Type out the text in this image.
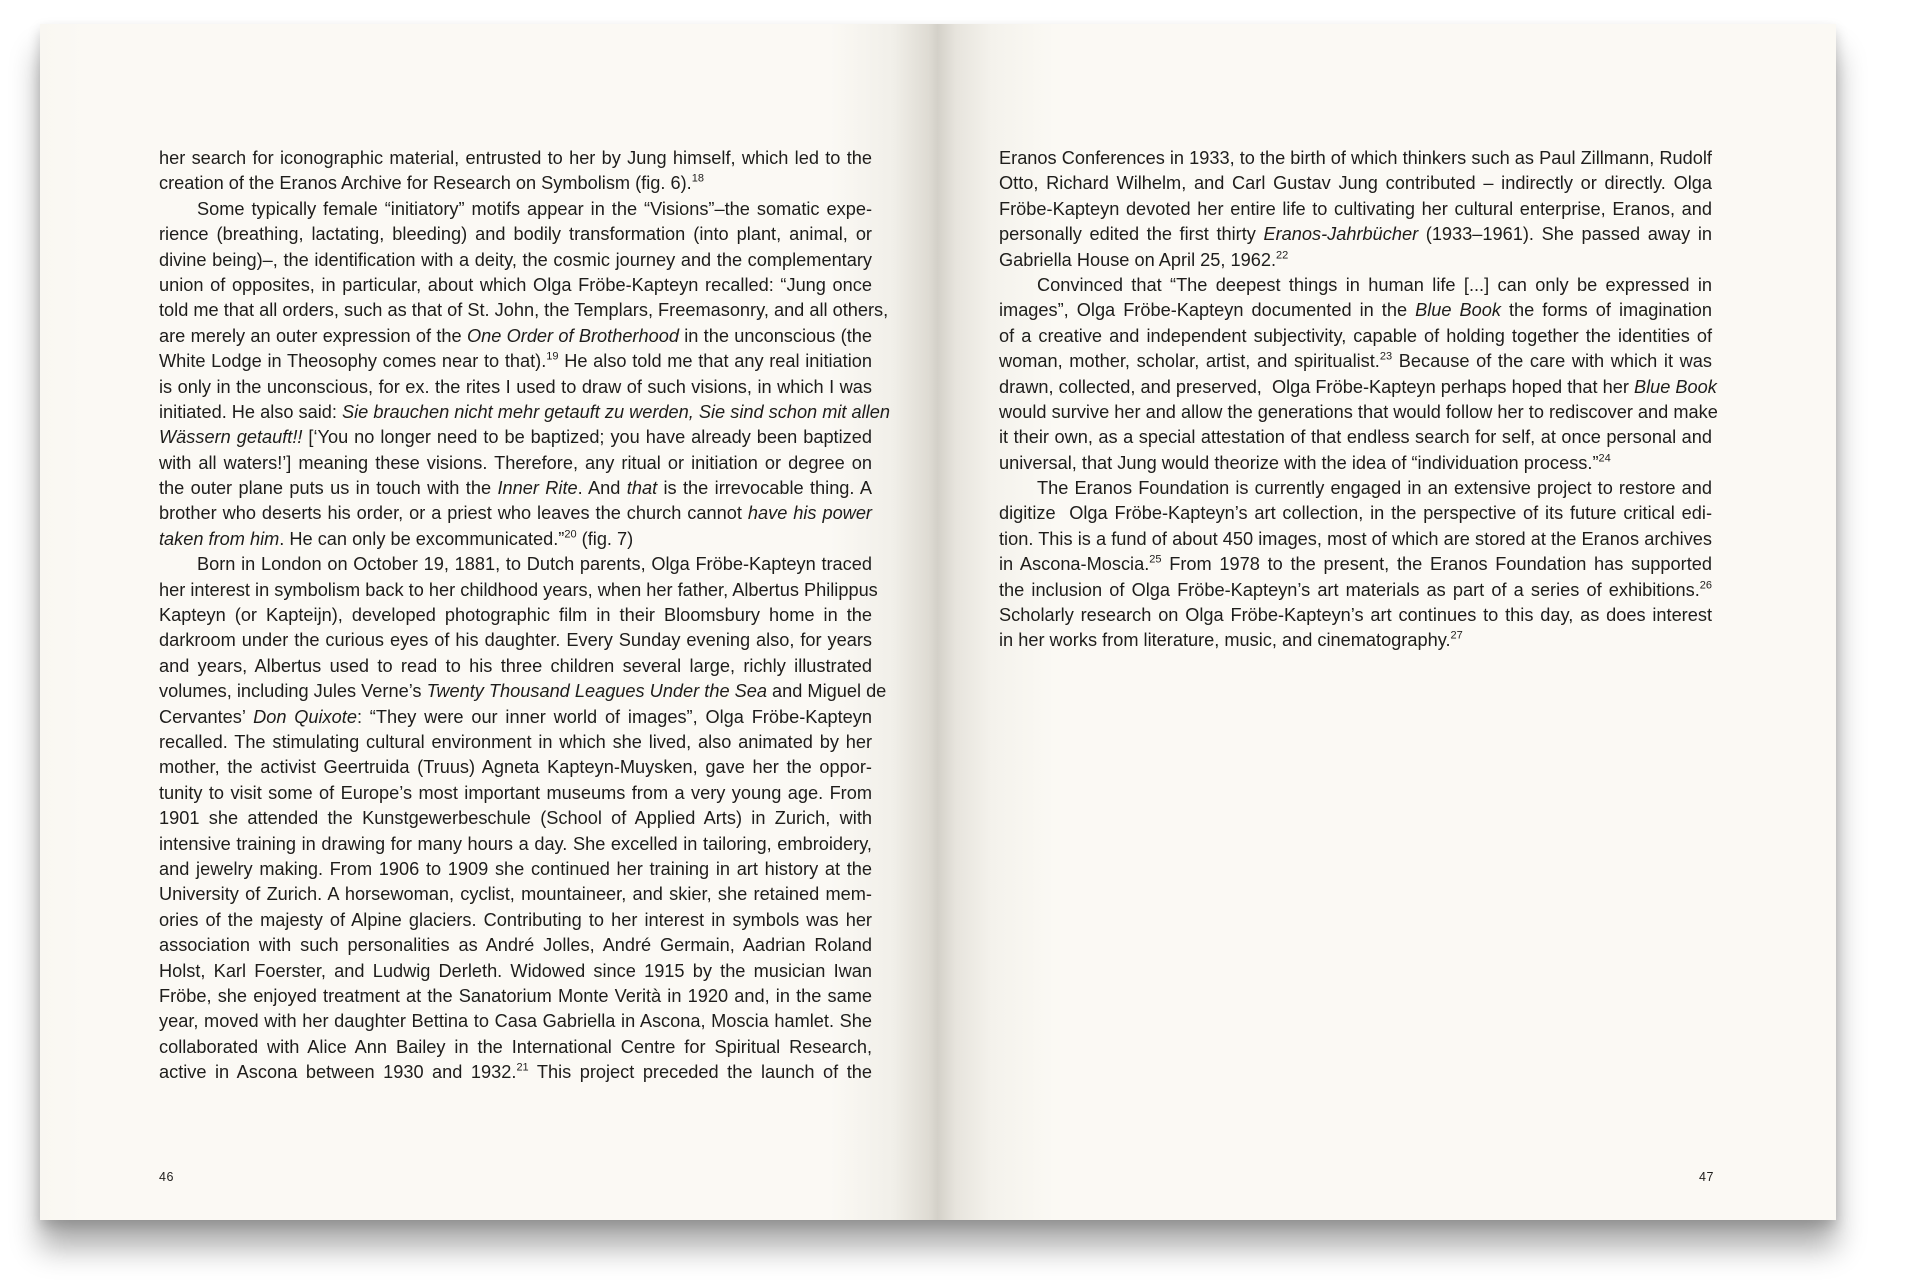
her search for iconographic material, entrusted to her by Jung himself, which led to the
creation of the Eranos Archive for Research on Symbolism (fig. 6).$^{18}$
Some typically female “initiatory” motifs appear in the “Visions”–the somatic expe-
rience (breathing, lactating, bleeding) and bodily transformation (into plant, animal, or
divine being)–, the identification with a deity, the cosmic journey and the complementary
union of opposites, in particular, about which Olga Fröbe-Kapteyn recalled: “Jung once
told me that all orders, such as that of St. John, the Templars, Freemasonry, and all others,
are merely an outer expression of the One Order of Brotherhood in the unconscious (the
White Lodge in Theosophy comes near to that).$^{19}$ He also told me that any real initiation
is only in the unconscious, for ex. the rites I used to draw of such visions, in which I was
initiated. He also said: Sie brauchen nicht mehr getauft zu werden, Sie sind schon mit allen
Wässern getauft!! [‘You no longer need to be baptized; you have already been baptized
with all waters!’] meaning these visions. Therefore, any ritual or initiation or degree on
the outer plane puts us in touch with the Inner Rite. And that is the irrevocable thing. A
brother who deserts his order, or a priest who leaves the church cannot have his power
taken from him. He can only be excommunicated.”$^{20}$ (fig. 7)
Born in London on October 19, 1881, to Dutch parents, Olga Fröbe-Kapteyn traced
her interest in symbolism back to her childhood years, when her father, Albertus Philippus
Kapteyn (or Kapteijn), developed photographic film in their Bloomsbury home in the
darkroom under the curious eyes of his daughter. Every Sunday evening also, for years
and years, Albertus used to read to his three children several large, richly illustrated
volumes, including Jules Verne’s Twenty Thousand Leagues Under the Sea and Miguel de
Cervantes’ Don Quixote: “They were our inner world of images”, Olga Fröbe-Kapteyn
recalled. The stimulating cultural environment in which she lived, also animated by her
mother, the activist Geertruida (Truus) Agneta Kapteyn-Muysken, gave her the oppor-
tunity to visit some of Europe’s most important museums from a very young age. From
1901 she attended the Kunstgewerbeschule (School of Applied Arts) in Zurich, with
intensive training in drawing for many hours a day. She excelled in tailoring, embroidery,
and jewelry making. From 1906 to 1909 she continued her training in art history at the
University of Zurich. A horsewoman, cyclist, mountaineer, and skier, she retained mem-
ories of the majesty of Alpine glaciers. Contributing to her interest in symbols was her
association with such personalities as André Jolles, André Germain, Aadrian Roland
Holst, Karl Foerster, and Ludwig Derleth. Widowed since 1915 by the musician Iwan
Fröbe, she enjoyed treatment at the Sanatorium Monte Verità in 1920 and, in the same
year, moved with her daughter Bettina to Casa Gabriella in Ascona, Moscia hamlet. She
collaborated with Alice Ann Bailey in the International Centre for Spiritual Research,
active in Ascona between 1930 and 1932.21 This project preceded the launch of the
46
Eranos Conferences in 1933, to the birth of which thinkers such as Paul Zillmann, Rudolf
Otto, Richard Wilhelm, and Carl Gustav Jung contributed – indirectly or directly. Olga
Fröbe-Kapteyn devoted her entire life to cultivating her cultural enterprise, Eranos, and
personally edited the first thirty Eranos-Jahrbücher (1933–1961). She passed away in
Gabriella House on April 25, 1962.22
Convinced that “The deepest things in human life [...] can only be expressed in
images”, Olga Fröbe-Kapteyn documented in the Blue Book the forms of imagination
of a creative and independent subjectivity, capable of holding together the identities of
woman, mother, scholar, artist, and spiritualist.$^{23}$ Because of the care with which it was
drawn, collected, and preserved,  Olga Fröbe-Kapteyn perhaps hoped that her Blue Book
would survive her and allow the generations that would follow her to rediscover and make
it their own, as a special attestation of that endless search for self, at once personal and
universal, that Jung would theorize with the idea of “individuation process.”$^{24}$
The Eranos Foundation is currently engaged in an extensive project to restore and
digitize  Olga Fröbe-Kapteyn’s art collection, in the perspective of its future critical edi-
tion. This is a fund of about 450 images, most of which are stored at the Eranos archives
in Ascona-Moscia.$^{25}$ From 1978 to the present, the Eranos Foundation has supported
the inclusion of Olga Fröbe-Kapteyn’s art materials as part of a series of exhibitions.$^{26}$
Scholarly research on Olga Fröbe-Kapteyn’s art continues to this day, as does interest
in her works from literature, music, and cinematography.$^{27}$
47
